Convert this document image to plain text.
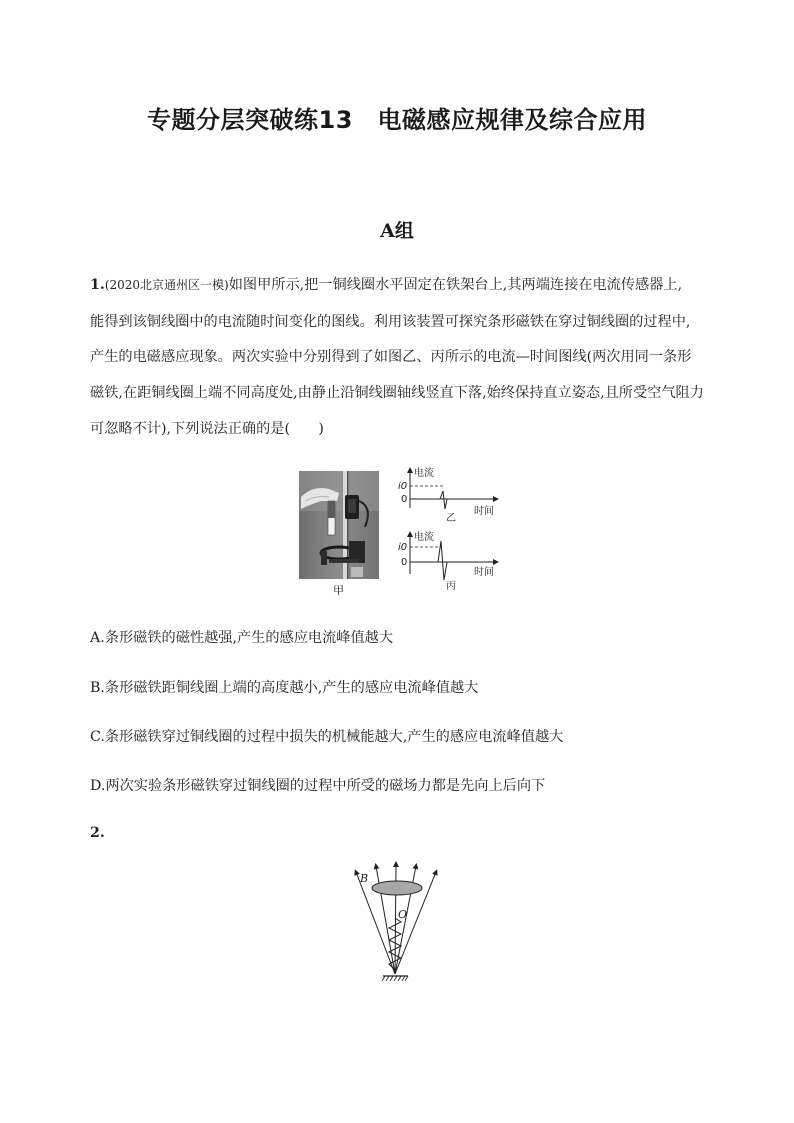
专题分层突破练13　电磁感应规律及综合应用
A组
1.(2020北京通州区一模)如图甲所示,把一铜线圈水平固定在铁架台上,其两端连接在电流传感器上,
能得到该铜线圈中的电流随时间变化的图线。利用该装置可探究条形磁铁在穿过铜线圈的过程中,
产生的电磁感应现象。两次实验中分别得到了如图乙、丙所示的电流—时间图线(两次用同一条形
磁铁,在距铜线圈上端不同高度处,由静止沿铜线圈轴线竖直下落,始终保持直立姿态,且所受空气阻力
可忽略不计),下列说法正确的是(　　)
甲
电流
i0
0
时间
乙
电流
i0
0
时间
丙
A.条形磁铁的磁性越强,产生的感应电流峰值越大
B.条形磁铁距铜线圈上端的高度越小,产生的感应电流峰值越大
C.条形磁铁穿过铜线圈的过程中损失的机械能越大,产生的感应电流峰值越大
D.两次实验条形磁铁穿过铜线圈的过程中所受的磁场力都是先向上后向下
2.
B
O
